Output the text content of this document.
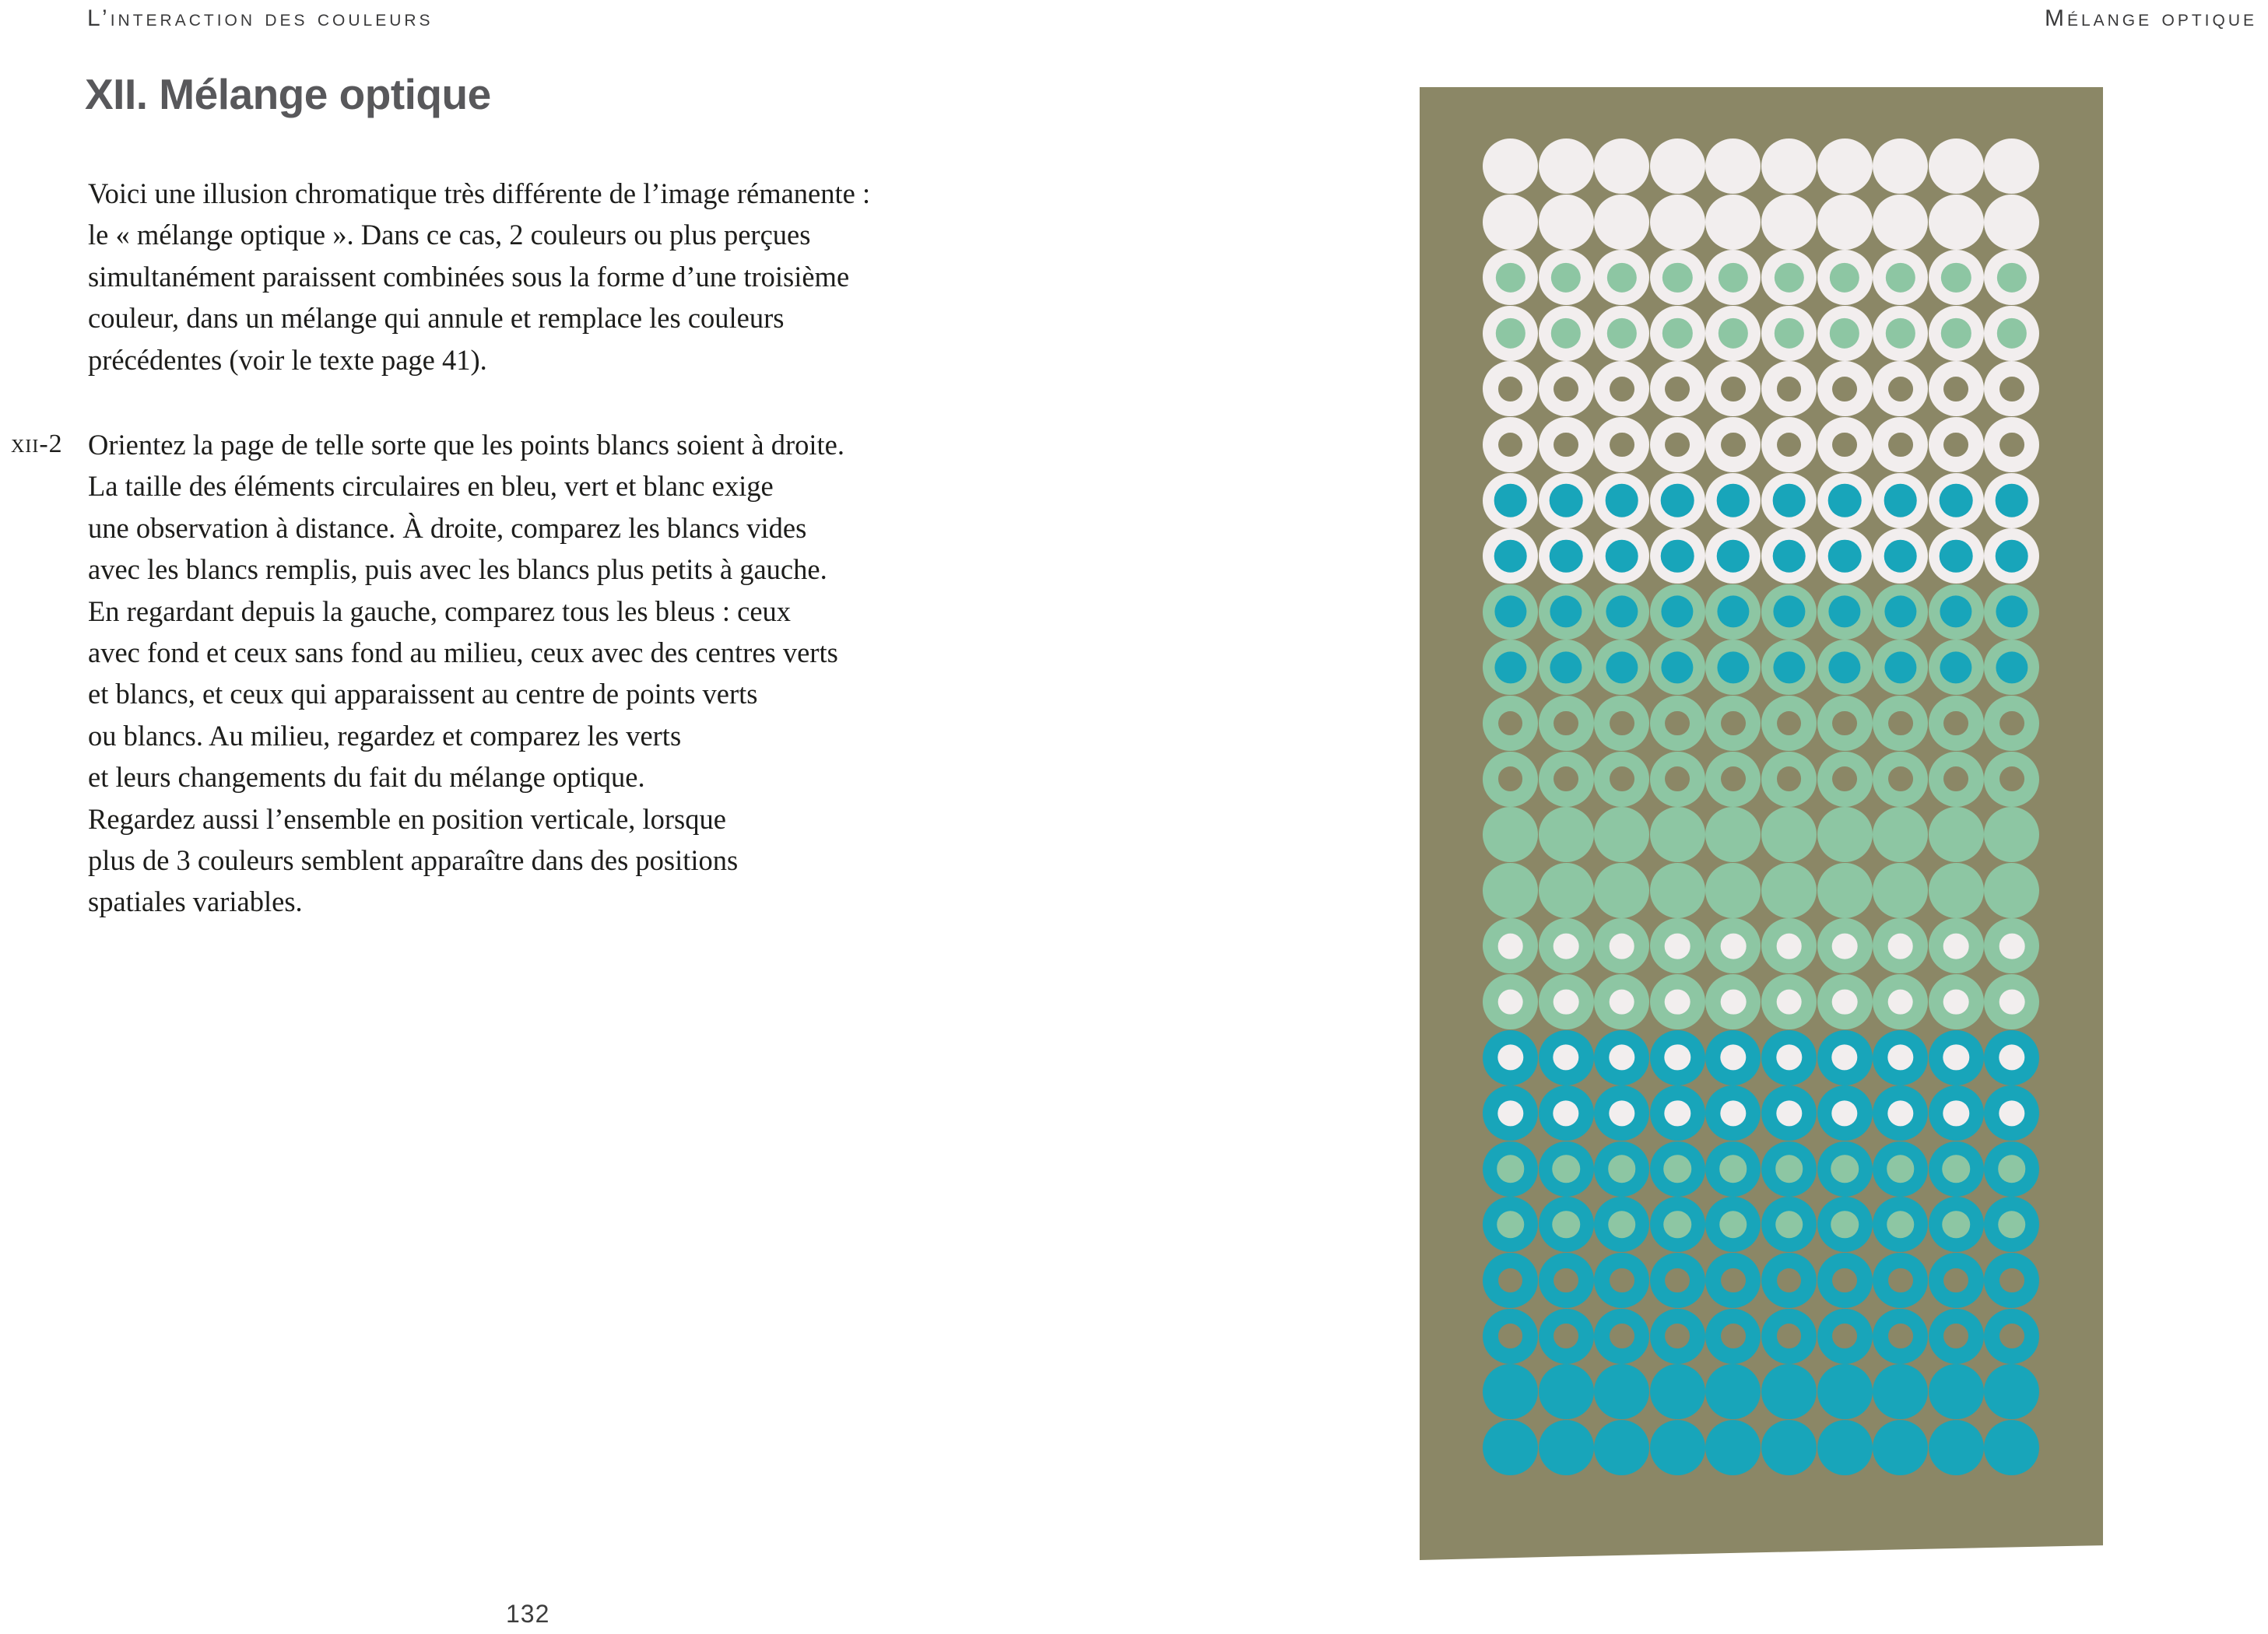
L’interaction des couleurs	Mélange optique
XII. Mélange optique
Voici une illusion chromatique très différente de l’image rémanente :
le « mélange optique ». Dans ce cas, 2 couleurs ou plus perçues
simultanément paraissent combinées sous la forme d’une troisième
couleur, dans un mélange qui annule et remplace les couleurs
précédentes (voir le texte page 41).
xii-2 Orientez la page de telle sorte que les points blancs soient à droite.
La taille des éléments circulaires en bleu, vert et blanc exige
une observation à distance. À droite, comparez les blancs vides
avec les blancs remplis, puis avec les blancs plus petits à gauche.
En regardant depuis la gauche, comparez tous les bleus : ceux
avec fond et ceux sans fond au milieu, ceux avec des centres verts
et blancs, et ceux qui apparaissent au centre de points verts
ou blancs. Au milieu, regardez et comparez les verts
et leurs changements du fait du mélange optique.
Regardez aussi l’ensemble en position verticale, lorsque
plus de 3 couleurs semblent apparaître dans des positions
spatiales variables.
132
